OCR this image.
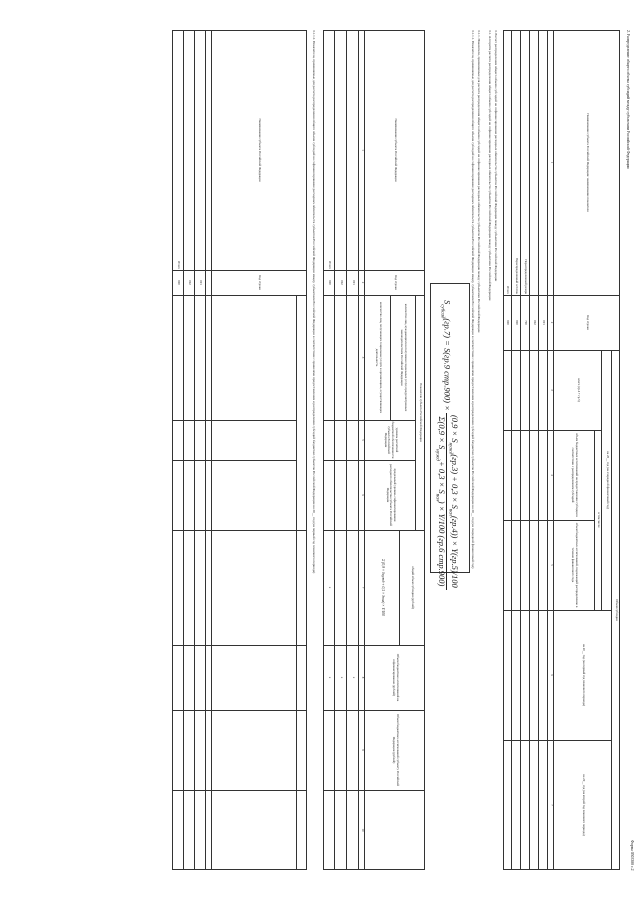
2. Распределение общего объема субсидий между субъектами Российской Федерации
Форма 0503388 с.2
Наименование субъекта Российской Федерации/ наименование показателя
Код строки
Объем субсидии
на 20__ год (на очередной финансовый год)
в том числе
всего (гр.4 + гр.5)
объем бюджетных ассигнований на предоставление субсидии в соответствии с распределением субсидий
объем бюджетных ассигнований, подлежащий распределению в течение финансового года
на 20__ год (на первый год планового периода)
на 20__ год (на второй год планового периода)
1
2
3
4
5
6
7
001
002
Нераспределенный резерв
700
Нераспределенный остаток
800
Итого
900
3. Расчет распределения общего объема субсидий на софинансирование расходных обязательств субъектов Российской Федерации между субъектами Российской Федерации
3.1. Алгоритм расчета распределения общего объема субсидий на софинансирование расходных обязательств субъектов Российской Федерации между субъектами Российской Федерации
3.1.1. Показатели, применяемые для расчета распределения общего объема субсидий на софинансирование расходных обязательств субъектов Российской Федерации между субъектами Российской Федерации
3.1.1.1. Показатели, применяемые для расчета распределения общего объема субсидий на софинансирование расходных обязательств субъектов Российской Федерации между субъектами Российской Федерации в соответствии с правилами предоставления и распределения субсидий бюджетам субъектов Российской Федерации на 20__ год (на очередной финансовый год)
$S_{субсид}(гр.7) = S(гр.9$ стр.900) ×
$(0,9 \times S_{нужд}(гр.3) + 0,3 \times S_{пол}(гр.4)) \times Y(гр.5)/100$
$\Sigma(0,9 \times S_{нужд}+ 0,3 \times S_{пол}) \times Y/100$ (гр.6 стр.900)
Наименование субъекта Российской Федерации
Код строки
Показатели субъекта Российской Федерации
количество лиц, нуждающихся в получении социальных услуг, предусмотренных законодательством Российской Федерации
количество лиц, получающих социальные услуги в организациях, осуществляющих деятельность
уровень расчетной бюджетной обеспеченности субъекта Российской Федерации
предельный уровень софинансирования расходного обязательства субъекта Российской Федерации
общий объем субсидии (рублей)
Σ (0,9 × Sнужд + 0,3 × Sпол) × Y/100
Объем бюджетных ассигнований на софинансирование (рублей)
Объем бюджетных ассигнований субъекту Российской Федерации (рублей)
1
2
3
5
6
7
8
9
10
001
x
002
x
Итого
900
x
x
3.1.1.2. Показатели, применяемые для расчета распределения общего объема субсидий на софинансирование расходных обязательств субъектов Российской Федерации между субъектами Российской Федерации в соответствии с правилами предоставления и распределения субсидий бюджетам субъектов Российской Федерации на 20__ год (на первый год планового периода)
Наименование субъекта Российской Федерации
Код строки
001
002
Итого
900
